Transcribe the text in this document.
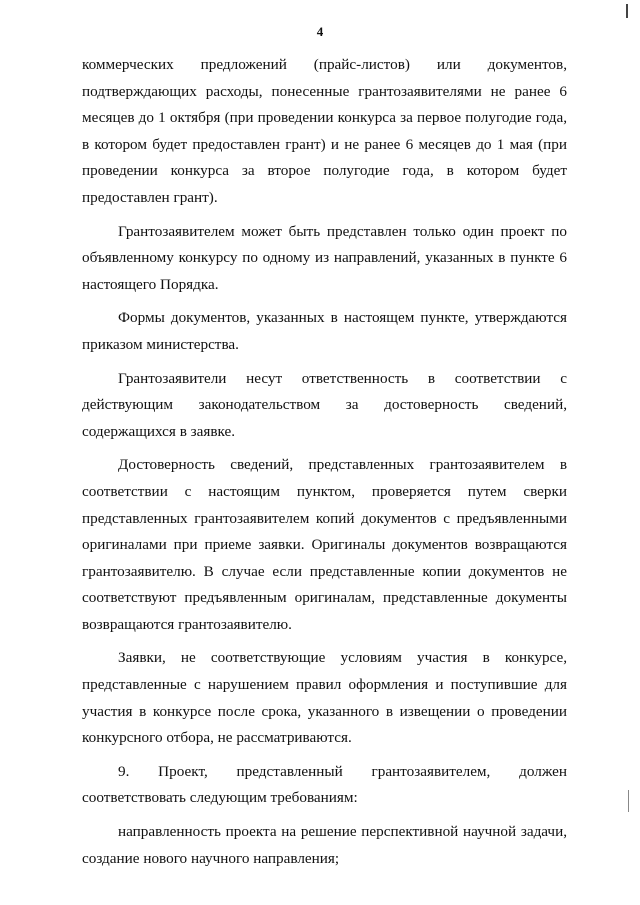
4

коммерческих предложений (прайс-листов) или документов, подтверждающих расходы, понесенные грантозаявителями не ранее 6 месяцев до 1 октября (при проведении конкурса за первое полугодие года, в котором будет предоставлен грант) и не ранее 6 месяцев до 1 мая (при проведении конкурса за второе полугодие года, в котором будет предоставлен грант).

Грантозаявителем может быть представлен только один проект по объявленному конкурсу по одному из направлений, указанных в пункте 6 настоящего Порядка.

Формы документов, указанных в настоящем пункте, утверждаются приказом министерства.

Грантозаявители несут ответственность в соответствии с действующим законодательством за достоверность сведений, содержащихся в заявке.

Достоверность сведений, представленных грантозаявителем в соответствии с настоящим пунктом, проверяется путем сверки представленных грантозаявителем копий документов с предъявленными оригиналами при приеме заявки. Оригиналы документов возвращаются грантозаявителю. В случае если представленные копии документов не соответствуют предъявленным оригиналам, представленные документы возвращаются грантозаявителю.

Заявки, не соответствующие условиям участия в конкурсе, представленные с нарушением правил оформления и поступившие для участия в конкурсе после срока, указанного в извещении о проведении конкурсного отбора, не рассматриваются.

9. Проект, представленный грантозаявителем, должен соответствовать следующим требованиям:

направленность проекта на решение перспективной научной задачи, создание нового научного направления;
